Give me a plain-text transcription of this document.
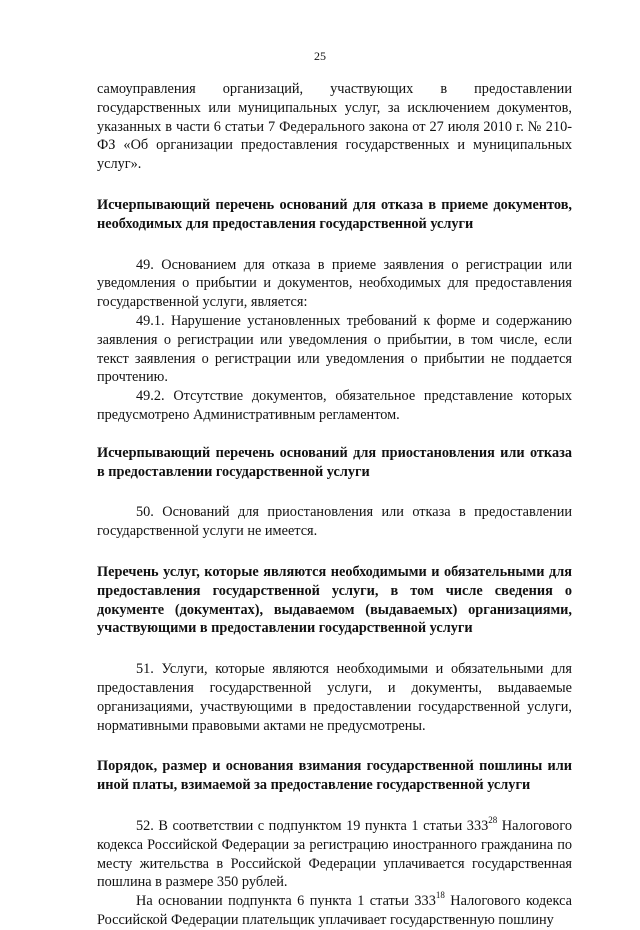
25

самоуправления организаций, участвующих в предоставлении государственных или муниципальных услуг, за исключением документов, указанных в части 6 статьи 7 Федерального закона от 27 июля 2010 г. № 210-ФЗ «Об организации предоставления государственных и муниципальных услуг».

Исчерпывающий перечень оснований для отказа в приеме документов, необходимых для предоставления государственной услуги

49. Основанием для отказа в приеме заявления о регистрации или уведомления о прибытии и документов, необходимых для предоставления государственной услуги, является:

49.1. Нарушение установленных требований к форме и содержанию заявления о регистрации или уведомления о прибытии, в том числе, если текст заявления о регистрации или уведомления о прибытии не поддается прочтению.

49.2. Отсутствие документов, обязательное представление которых предусмотрено Административным регламентом.

Исчерпывающий перечень оснований для приостановления или отказа в предоставлении государственной услуги

50. Оснований для приостановления или отказа в предоставлении государственной услуги не имеется.

Перечень услуг, которые являются необходимыми и обязательными для предоставления государственной услуги, в том числе сведения о документе (документах), выдаваемом (выдаваемых) организациями, участвующими в предоставлении государственной услуги

51. Услуги, которые являются необходимыми и обязательными для предоставления государственной услуги, и документы, выдаваемые организациями, участвующими в предоставлении государственной услуги, нормативными правовыми актами не предусмотрены.

Порядок, размер и основания взимания государственной пошлины или иной платы, взимаемой за предоставление государственной услуги

52. В соответствии с подпунктом 19 пункта 1 статьи $333^{28}$ Налогового кодекса Российской Федерации за регистрацию иностранного гражданина по месту жительства в Российской Федерации уплачивается государственная пошлина в размере 350 рублей.

На основании подпункта 6 пункта 1 статьи $333^{18}$ Налогового кодекса Российской Федерации плательщик уплачивает государственную пошлину
